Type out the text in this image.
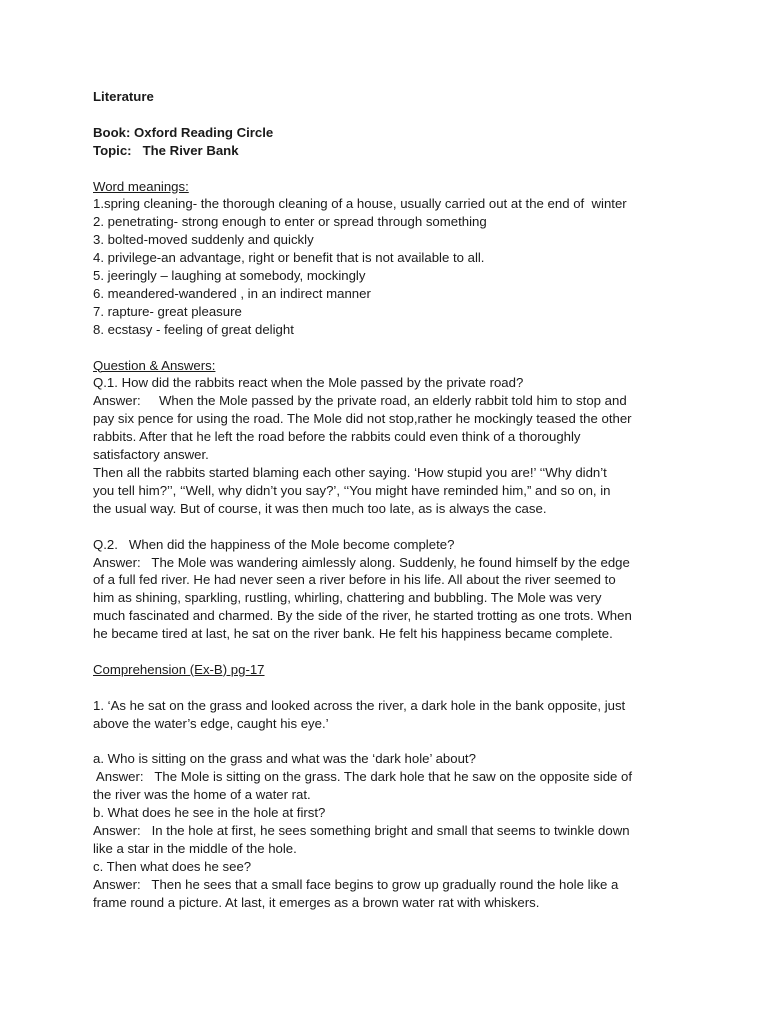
Literature
Book: Oxford Reading Circle
Topic:   The River Bank
Word meanings:
1.spring cleaning- the thorough cleaning of a house, usually carried out at the end of  winter
2. penetrating- strong enough to enter or spread through something
3. bolted-moved suddenly and quickly
4. privilege-an advantage, right or benefit that is not available to all.
5. jeeringly – laughing at somebody, mockingly
6. meandered-wandered , in an indirect manner
7. rapture- great pleasure
8. ecstasy - feeling of great delight
Question & Answers:
Q.1. How did the rabbits react when the Mole passed by the private road?
Answer:     When the Mole passed by the private road, an elderly rabbit told him to stop and
pay six pence for using the road. The Mole did not stop,rather he mockingly teased the other
rabbits. After that he left the road before the rabbits could even think of a thoroughly
satisfactory answer.
Then all the rabbits started blaming each other saying. ‘How stupid you are!’ ‘‘Why didn’t
you tell him?’’, ‘‘Well, why didn’t you say?’, ‘‘You might have reminded him,” and so on, in
the usual way. But of course, it was then much too late, as is always the case.
Q.2.   When did the happiness of the Mole become complete?
Answer:   The Mole was wandering aimlessly along. Suddenly, he found himself by the edge
of a full fed river. He had never seen a river before in his life. All about the river seemed to
him as shining, sparkling, rustling, whirling, chattering and bubbling. The Mole was very
much fascinated and charmed. By the side of the river, he started trotting as one trots. When
he became tired at last, he sat on the river bank. He felt his happiness became complete.
Comprehension (Ex-B) pg-17
1. ‘As he sat on the grass and looked across the river, a dark hole in the bank opposite, just
above the water’s edge, caught his eye.’
a. Who is sitting on the grass and what was the ‘dark hole’ about?
Answer:   The Mole is sitting on the grass. The dark hole that he saw on the opposite side of
the river was the home of a water rat.
b. What does he see in the hole at first?
Answer:   In the hole at first, he sees something bright and small that seems to twinkle down
like a star in the middle of the hole.
c. Then what does he see?
Answer:   Then he sees that a small face begins to grow up gradually round the hole like a
frame round a picture. At last, it emerges as a brown water rat with whiskers.
